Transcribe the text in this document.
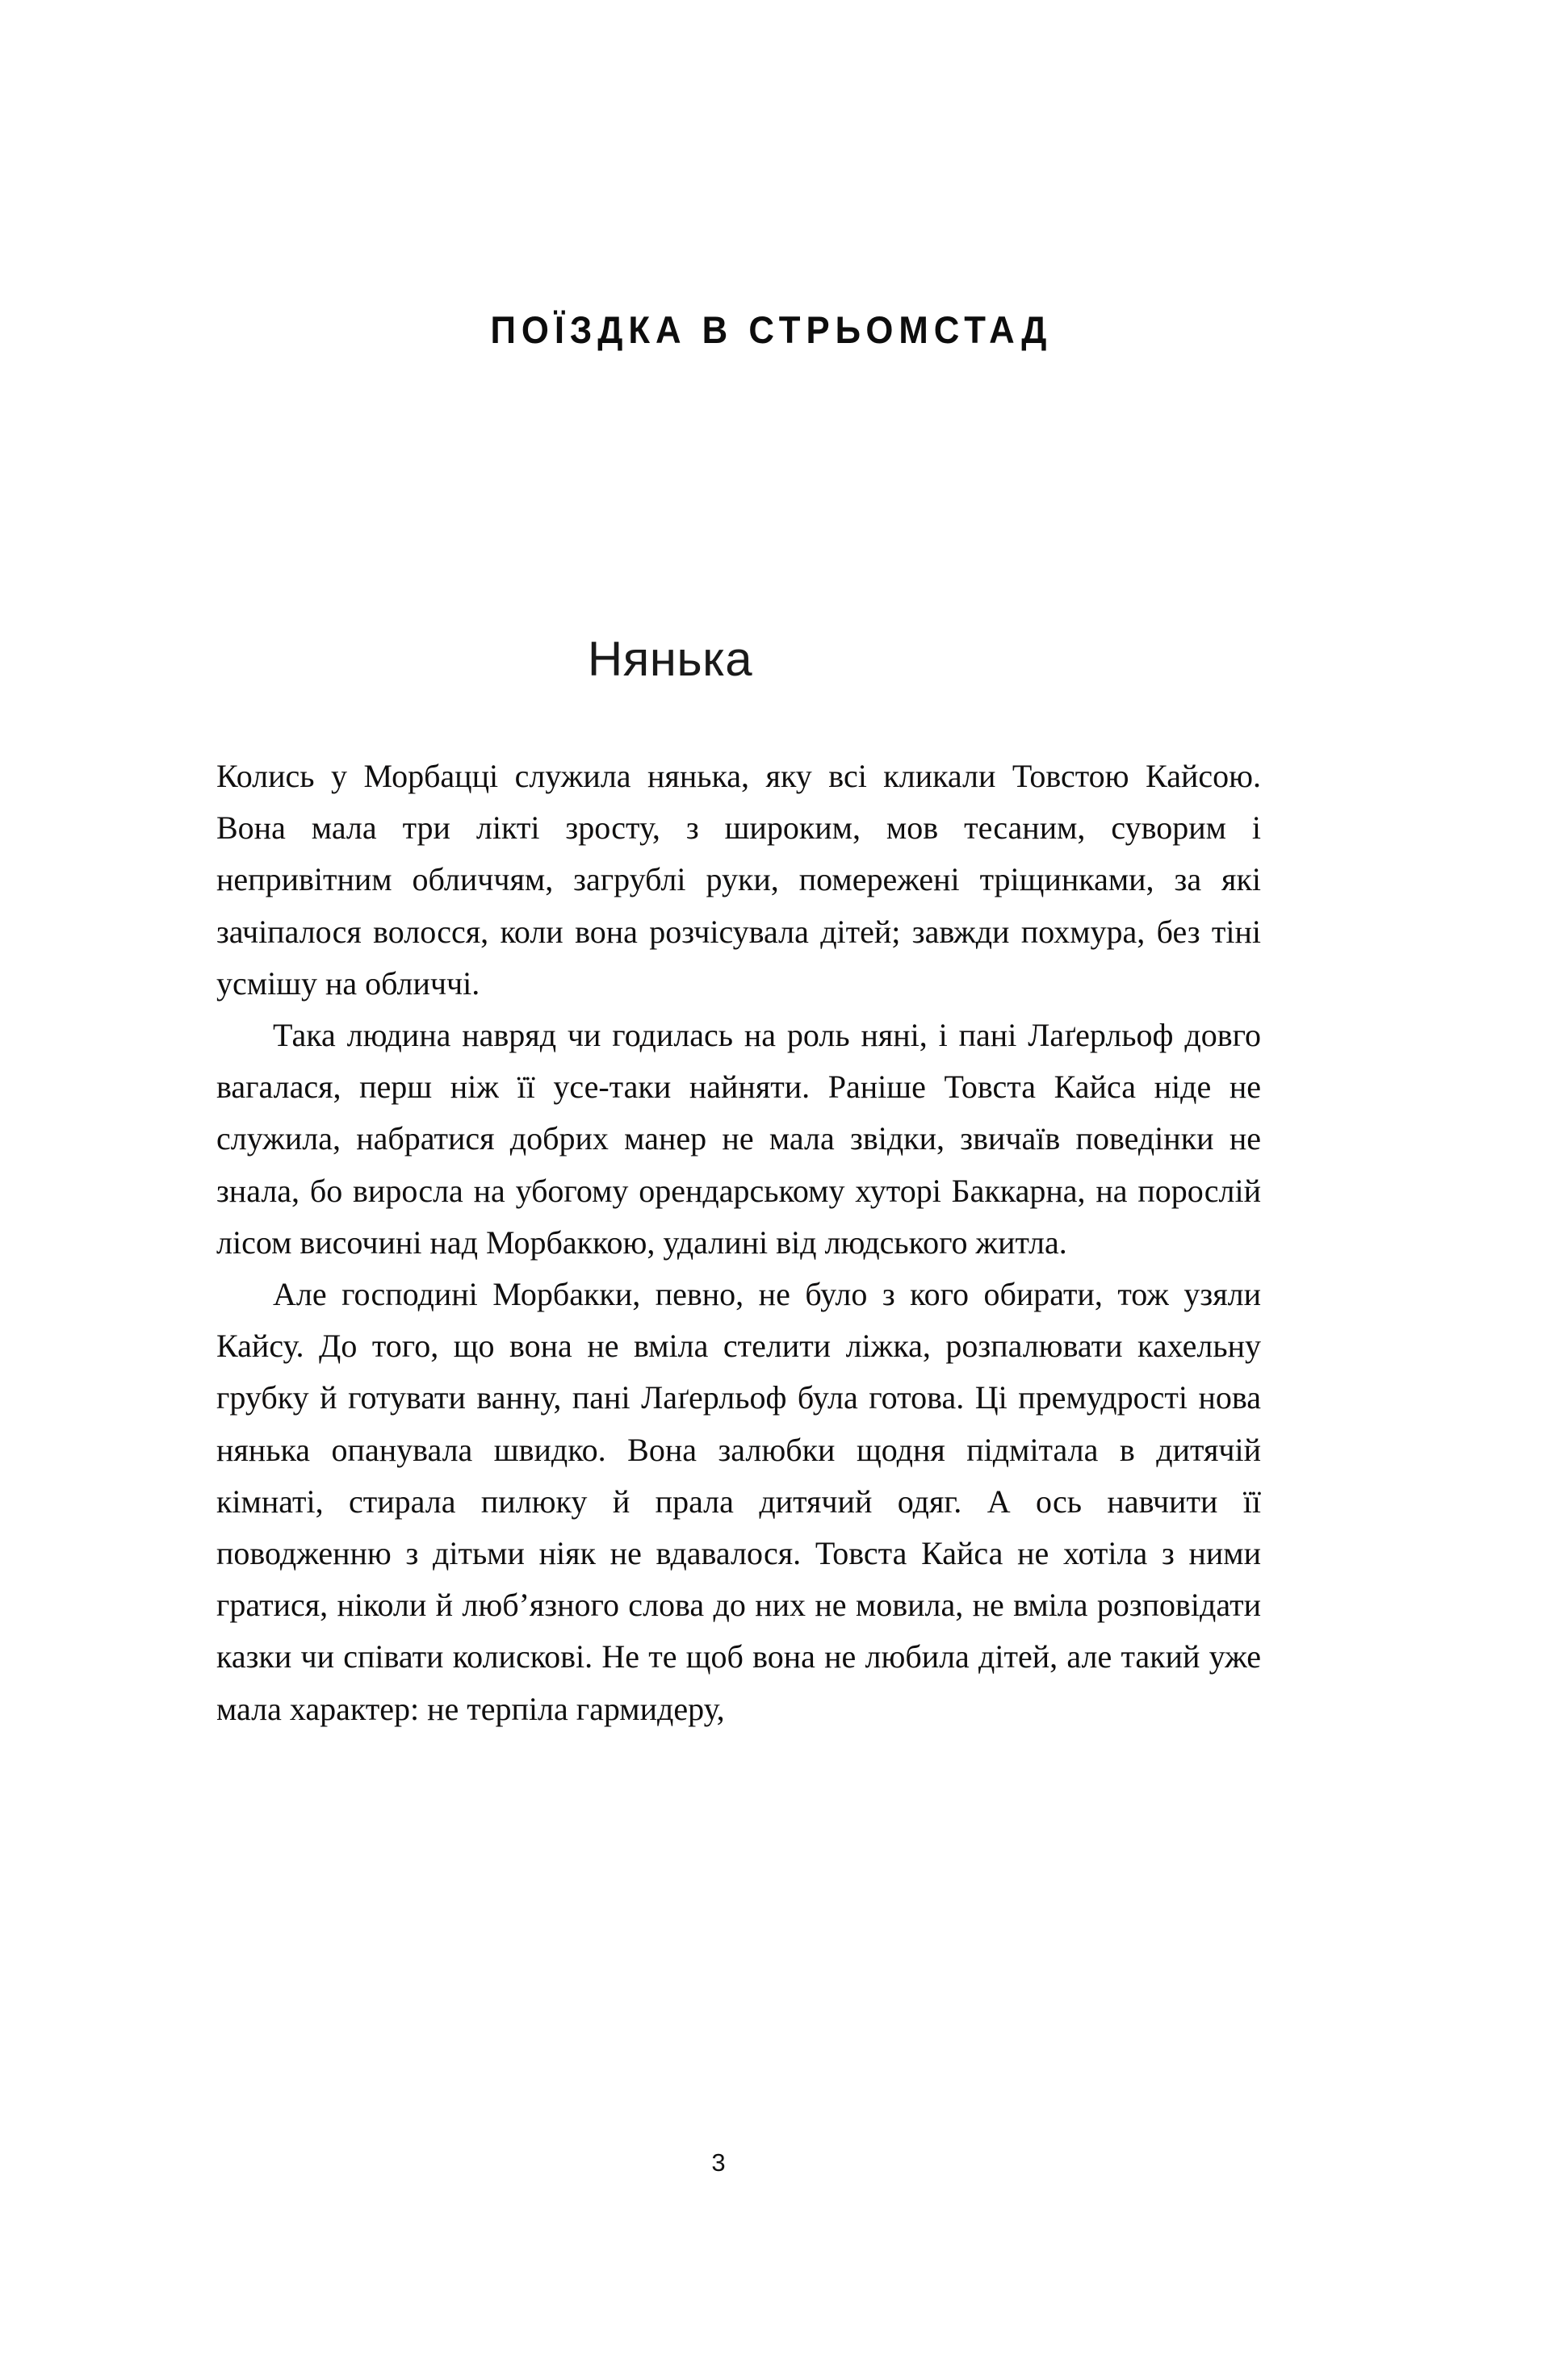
ПОЇЗДКА В СТРЬОМСТАД
Нянька

Колись у Морбацці служила нянька, яку всі кликали Товстою Кайсою. Вона мала три лікті зросту, з широким, мов тесаним, суворим і непривітним обличчям, загрублі руки, помережені тріщинками, за які зачіпалося волосся, коли вона розчісувала дітей; завжди похмура, без тіні усмішу на обличчі.

Така людина навряд чи годилась на роль няні, і пані Лаґерльоф довго вагалася, перш ніж її усе-таки найняти. Раніше Товста Кайса ніде не служила, набратися добрих манер не мала звідки, звичаїв поведінки не знала, бо виросла на убогому орендарському хуторі Баккарна, на порослій лісом височині над Морбаккою, удалині від людського житла.

Але господині Морбакки, певно, не було з кого обирати, тож узяли Кайсу. До того, що вона не вміла стелити ліжка, розпалювати кахельну грубку й готувати ванну, пані Лаґерльоф була готова. Ці премудрості нова нянька опанувала швидко. Вона залюбки щодня підмітала в дитячій кімнаті, стирала пилюку й прала дитячий одяг. А ось навчити її поводженню з дітьми ніяк не вдавалося. Товста Кайса не хотіла з ними гратися, ніколи й люб’язного слова до них не мовила, не вміла розповідати казки чи співати колискові. Не те щоб вона не любила дітей, але такий уже мала характер: не терпіла гармидеру,

3
